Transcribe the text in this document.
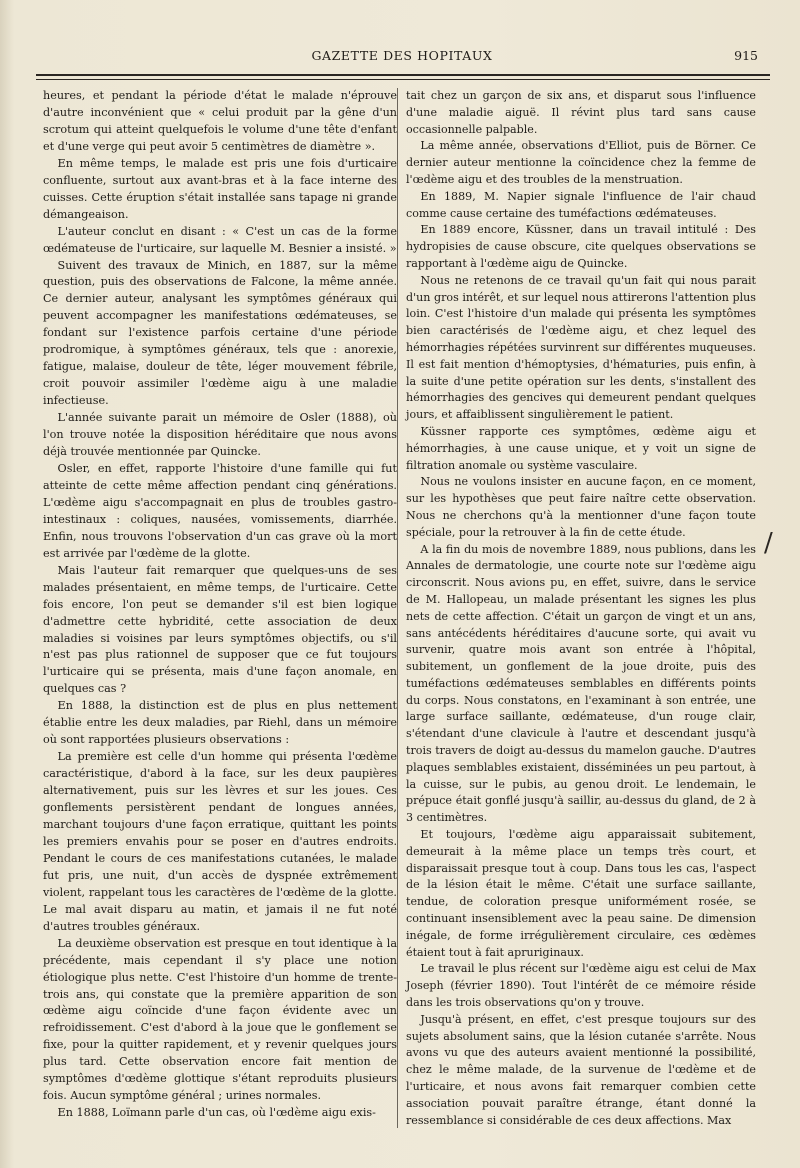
GAZETTE DES HOPITAUX	915

heures, et pendant la période d'état le malade n'éprouve d'autre inconvénient que « celui produit par la gêne d'un scrotum qui atteint quelquefois le volume d'une tête d'enfant et d'une verge qui peut avoir 5 centimètres de diamètre ».

En même temps, le malade est pris une fois d'urticaire confluente, surtout aux avant-bras et à la face interne des cuisses. Cette éruption s'était installée sans tapage ni grande démangeaison.

L'auteur conclut en disant : « C'est un cas de la forme œdémateuse de l'urticaire, sur laquelle M. Besnier a insisté. »

Suivent des travaux de Minich, en 1887, sur la même question, puis des observations de Falcone, la même année. Ce dernier auteur, analysant les symptômes généraux qui peuvent accompagner les manifestations œdémateuses, se fondant sur l'existence parfois certaine d'une période prodromique, à symptômes généraux, tels que : anorexie, fatigue, malaise, douleur de tête, léger mouvement fébrile, croit pouvoir assimiler l'œdème aigu à une maladie infectieuse.

L'année suivante parait un mémoire de Osler (1888), où l'on trouve notée la disposition héréditaire que nous avons déjà trouvée mentionnée par Quincke.

Osler, en effet, rapporte l'histoire d'une famille qui fut atteinte de cette même affection pendant cinq générations. L'œdème aigu s'accompagnait en plus de troubles gastro-intestinaux : coliques, nausées, vomissements, diarrhée. Enfin, nous trouvons l'observation d'un cas grave où la mort est arrivée par l'œdème de la glotte.

Mais l'auteur fait remarquer que quelques-uns de ses malades présentaient, en même temps, de l'urticaire. Cette fois encore, l'on peut se demander s'il est bien logique d'admettre cette hybridité, cette association de deux maladies si voisines par leurs symptômes objectifs, ou s'il n'est pas plus rationnel de supposer que ce fut toujours l'urticaire qui se présenta, mais d'une façon anomale, en quelques cas ?

En 1888, la distinction est de plus en plus nettement établie entre les deux maladies, par Riehl, dans un mémoire où sont rapportées plusieurs observations :

La première est celle d'un homme qui présenta l'œdème caractéristique, d'abord à la face, sur les deux paupières alternativement, puis sur les lèvres et sur les joues. Ces gonflements persistèrent pendant de longues années, marchant toujours d'une façon erratique, quittant les points les premiers envahis pour se poser en d'autres endroits. Pendant le cours de ces manifestations cutanées, le malade fut pris, une nuit, d'un accès de dyspnée extrêmement violent, rappelant tous les caractères de l'œdème de la glotte. Le mal avait disparu au matin, et jamais il ne fut noté d'autres troubles généraux.

La deuxième observation est presque en tout identique à la précédente, mais cependant il s'y place une notion étiologique plus nette. C'est l'histoire d'un homme de trente-trois ans, qui constate que la première apparition de son œdème aigu coïncide d'une façon évidente avec un refroidissement. C'est d'abord à la joue que le gonflement se fixe, pour la quitter rapidement, et y revenir quelques jours plus tard. Cette observation encore fait mention de symptômes d'œdème glottique s'étant reproduits plusieurs fois. Aucun symptôme général ; urines normales.

En 1888, Loïmann parle d'un cas, où l'œdème aigu exis-

tait chez un garçon de six ans, et disparut sous l'influence d'une maladie aiguë. Il révint plus tard sans cause occasionnelle palpable.

La même année, observations d'Elliot, puis de Börner. Ce dernier auteur mentionne la coïncidence chez la femme de l'œdème aigu et des troubles de la menstruation.

En 1889, M. Napier signale l'influence de l'air chaud comme cause certaine des tuméfactions œdémateuses.

En 1889 encore, Küssner, dans un travail intitulé : Des hydropisies de cause obscure, cite quelques observations se rapportant à l'œdème aigu de Quincke.

Nous ne retenons de ce travail qu'un fait qui nous parait d'un gros intérêt, et sur lequel nous attirerons l'attention plus loin. C'est l'histoire d'un malade qui présenta les symptômes bien caractérisés de l'œdème aigu, et chez lequel des hémorrhagies répétées survinrent sur différentes muqueuses. Il est fait mention d'hémoptysies, d'hématuries, puis enfin, à la suite d'une petite opération sur les dents, s'installent des hémorrhagies des gencives qui demeurent pendant quelques jours, et affaiblissent singulièrement le patient.

Küssner rapporte ces symptômes, œdème aigu et hémorrhagies, à une cause unique, et y voit un signe de filtration anomale ou système vasculaire.

Nous ne voulons insister en aucune façon, en ce moment, sur les hypothèses que peut faire naître cette observation. Nous ne cherchons qu'à la mentionner d'une façon toute spéciale, pour la retrouver à la fin de cette étude.

A la fin du mois de novembre 1889, nous publions, dans les Annales de dermatologie, une courte note sur l'œdème aigu circonscrit. Nous avions pu, en effet, suivre, dans le service de M. Hallopeau, un malade présentant les signes les plus nets de cette affection. C'était un garçon de vingt et un ans, sans antécédents héréditaires d'aucune sorte, qui avait vu survenir, quatre mois avant son entrée à l'hôpital, subitement, un gonflement de la joue droite, puis des tuméfactions œdémateuses semblables en différents points du corps. Nous constatons, en l'examinant à son entrée, une large surface saillante, œdémateuse, d'un rouge clair, s'étendant d'une clavicule à l'autre et descendant jusqu'à trois travers de doigt au-dessus du mamelon gauche. D'autres plaques semblables existaient, disséminées un peu partout, à la cuisse, sur le pubis, au genou droit. Le lendemain, le prépuce était gonflé jusqu'à saillir, au-dessus du gland, de 2 à 3 centimètres.

Et toujours, l'œdème aigu apparaissait subitement, demeurait à la même place un temps très court, et disparaissait presque tout à coup. Dans tous les cas, l'aspect de la lésion était le même. C'était une surface saillante, tendue, de coloration presque uniformément rosée, se continuant insensiblement avec la peau saine. De dimension inégale, de forme irrégulièrement circulaire, ces œdèmes étaient tout à fait apruriginaux.

Le travail le plus récent sur l'œdème aigu est celui de Max Joseph (février 1890). Tout l'intérêt de ce mémoire réside dans les trois observations qu'on y trouve.

Jusqu'à présent, en effet, c'est presque toujours sur des sujets absolument sains, que la lésion cutanée s'arrête. Nous avons vu que des auteurs avaient mentionné la possibilité, chez le même malade, de la survenue de l'œdème et de l'urticaire, et nous avons fait remarquer combien cette association pouvait paraître étrange, étant donné la ressemblance si considérable de ces deux affections. Max

/
